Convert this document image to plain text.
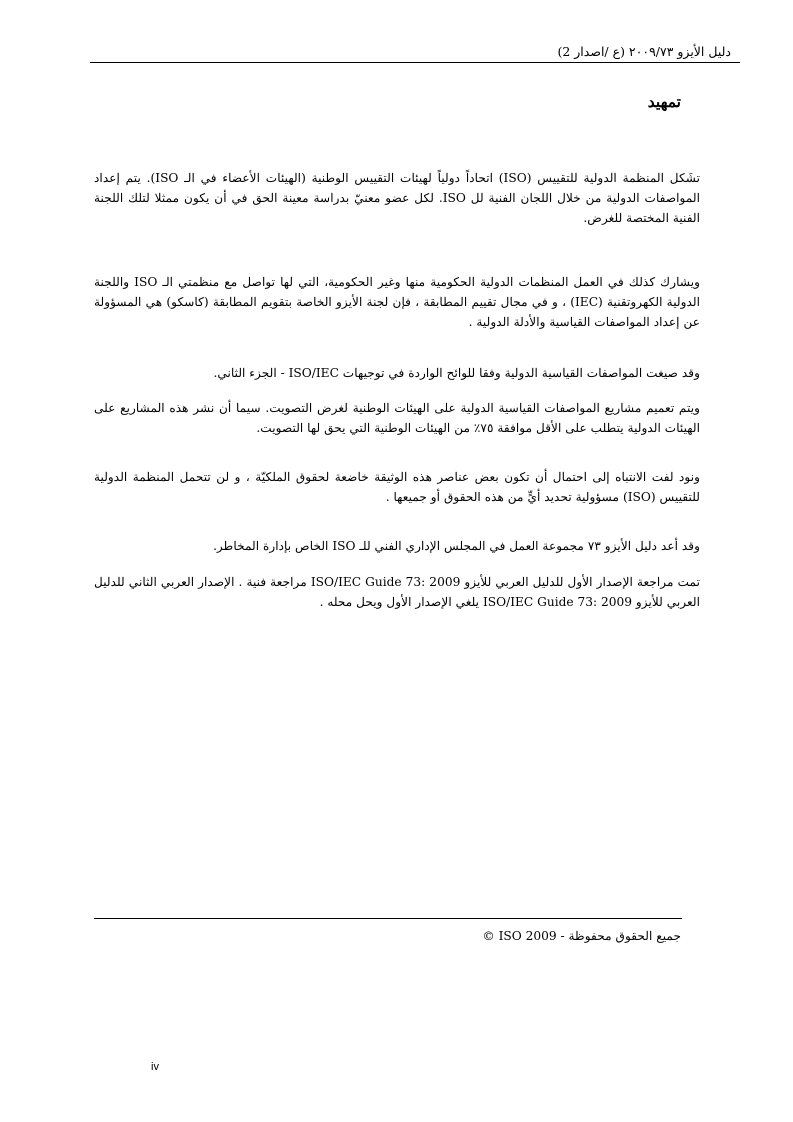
دليل الأيزو ٢٠٠٩/٧٣ (ع /اصدار 2)
تمهيد

تشَكل المنظمة الدولية للتقييس (ISO) اتحاداً دولياً لهيئات التقييس الوطنية (الهيئات الأعضاء في الـ ISO). يتم إعداد المواصفات الدولية من خلال اللجان الفنية لل ISO. لكل عضو معنيّ بدراسة معينة الحق في أن يكون ممثلا لتلك اللجنة الفنية المختصة للغرض.

ويشارك كذلك في العمل المنظمات الدولية الحكومية منها وغير الحكومية، التي لها تواصل مع منظمتي الـ ISO واللجنة الدولية الكهروتقنية (IEC) ، و في مجال تقييم المطابقة ، فإن لجنة الأيزو الخاصة بتقويم المطابقة (كاسكو) هي المسؤولة عن إعداد المواصفات القياسية والأدلة الدولية .

وقد صيغت المواصفات القياسية الدولية وفقا للوائح الواردة في توجيهات ISO/IEC - الجزء الثاني.

ويتم تعميم مشاريع المواصفات القياسية الدولية على الهيئات الوطنية لغرض التصويت. سيما أن نشر هذه المشاريع على الهيئات الدولية يتطلب على الأقل موافقة ٧٥٪ من الهيئات الوطنية التي يحق لها التصويت.

ونود لفت الانتباه إلى احتمال أن تكون بعض عناصر هذه الوثيقة خاضعة لحقوق الملكيّة ، و لن تتحمل المنظمة الدولية للتقييس (ISO) مسؤولية تحديد أيٍّ من هذه الحقوق أو جميعها .

وقد أعد دليل الأيزو ٧٣ مجموعة العمل في المجلس الإداري الفني للـ ISO الخاص بإدارة المخاطر.

تمت مراجعة الإصدار الأول للدليل العربي للأيزو ISO/IEC Guide 73: 2009 مراجعة فنية . الإصدار العربي الثاني للدليل العربي للأيزو ISO/IEC Guide 73: 2009 يلغي الإصدار الأول ويحل محله .

جميع الحقوق محفوظة - ISO 2009 ©
iv
